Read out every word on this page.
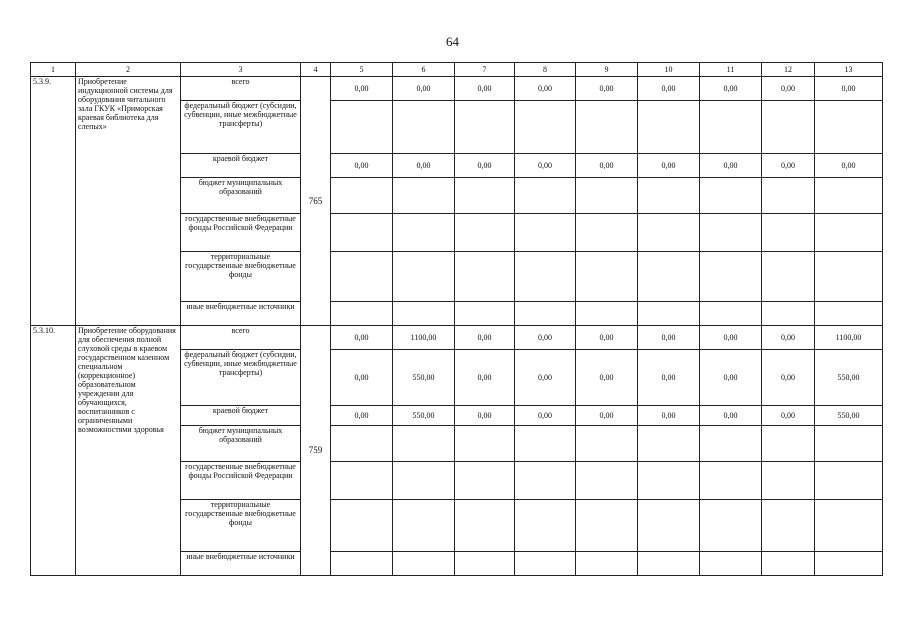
64
1	2	3	4	5	6	7	8	9	10	11	12	13
5.3.9.	Приобретение индукционной системы для оборудования читального зала ГКУК «Приморская краевая библиотека для слепых»	всего	765	0,00	0,00	0,00	0,00	0,00	0,00	0,00	0,00	0,00
		федеральный бюджет (субсидии, субвенции, иные межбюджетные трансферты)										
		краевой бюджет		0,00	0,00	0,00	0,00	0,00	0,00	0,00	0,00	0,00
		бюджет муниципальных образований										
		государственные внебюджетные фонды Российской Федерации										
		территориальные государственные внебюджетные фонды										
		иные внебюджетные источники										
5.3.10.	Приобретение оборудования для обеспечения полной слуховой среды в краевом государственном казенном специальном (коррекционное) образовательном учреждении для обучающихся, воспитанников с ограниченными возможностями здоровья	всего	759	0,00	1100,00	0,00	0,00	0,00	0,00	0,00	0,00	1100,00
		федеральный бюджет (субсидии, субвенции, иные межбюджетные трансферты)		0,00	550,00	0,00	0,00	0,00	0,00	0,00	0,00	550,00
		краевой бюджет		0,00	550,00	0,00	0,00	0,00	0,00	0,00	0,00	550,00
		бюджет муниципальных образований										
		государственные внебюджетные фонды Российской Федерации										
		территориальные государственные внебюджетные фонды										
		иные внебюджетные источники										
